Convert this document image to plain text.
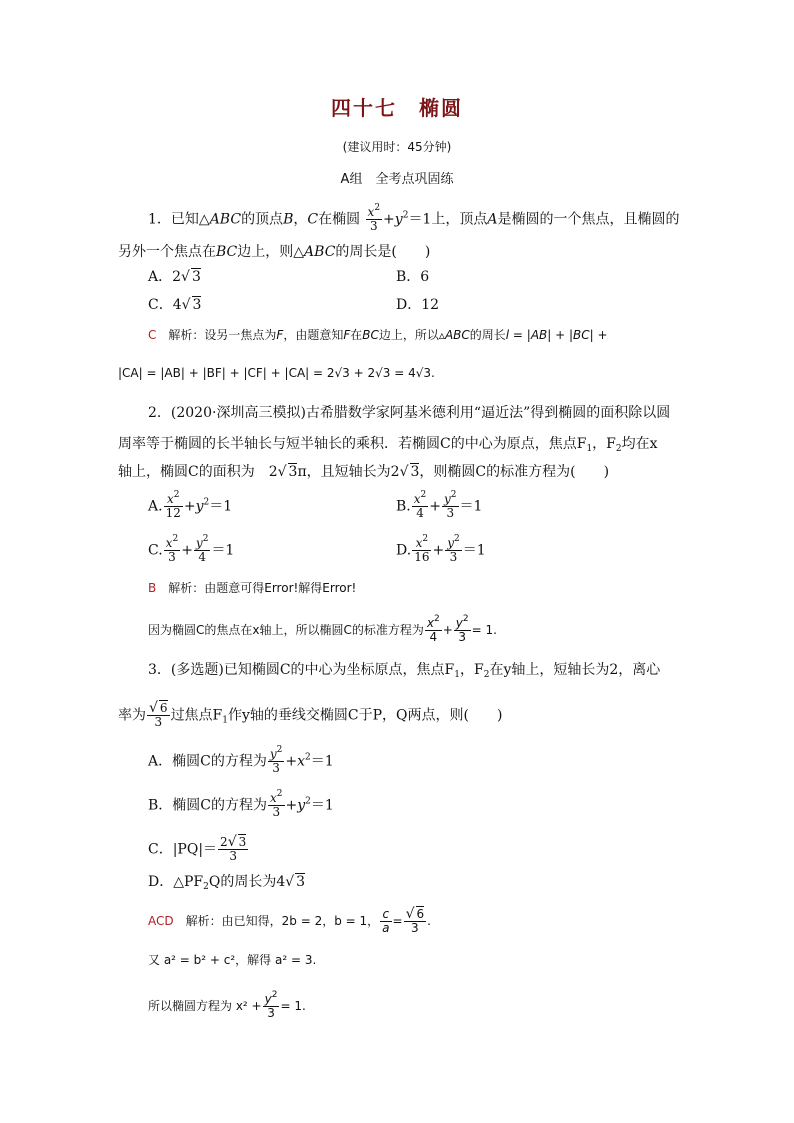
四十七　椭圆
(建议用时：45分钟)
A组　全考点巩固练
1．已知△ABC的顶点B，C在椭圆 $\frac{x^2}{3} +y^2=1$上，顶点A是椭圆的一个焦点，且椭圆的
另外一个焦点在BC边上，则△ABC的周长是(　　)
A．2√ 3	B．6
C．4√ 3	D．12
C　 解析：设另一焦点为F，由题意知F在BC边上，所以▵ABC的周长l = |AB| + |BC| +
|CA| = |AB| + |BF| + |CF| + |CA| = 2√3 + 2√3 = 4√3.
2．(2020·深圳高三模拟)古希腊数学家阿基米德利用“逼近法”得到椭圆的面积除以圆
周率等于椭圆的长半轴长与短半轴长的乘积．若椭圆C的中心为原点，焦点$F_1$，$F_2$均在x
轴上，椭圆C的面积为　2√ 3π，且短轴长为2√ 3，则椭圆C的标准方程为(　　)
A. $\frac{x^2}{12} +y^2=1$	B. $\frac{x^2}{4} + \frac{y^2}{3} =1$
C. $\frac{x^2}{3} + \frac{y^2}{4} =1$	D. $\frac{x^2}{16} + \frac{y^2}{3} =1$
B　 解析：由题意可得Error!解得Error!
因为椭圆C的焦点在x轴上，所以椭圆C的标准方程为 $\frac{x^2}{4} + \frac{y^2}{3} = 1$.
3．(多选题)已知椭圆C的中心为坐标原点，焦点$F_1$，$F_2$在y轴上，短轴长为2，离心
率为 $\frac{√ 6}{3}$ 过焦点$F_1$作y轴的垂线交椭圆C于P，Q两点，则(　　)
A．椭圆C的方程为 $\frac{y^2}{3} +x^2=1$
B．椭圆C的方程为 $\frac{x^2}{3} +y^2=1$
C．$|PQ|= \frac{2√ 3}{3}$
D．$\triangle PF_2Q$的周长为4√ 3
ACD　 解析：由已知得，2b = 2，b = 1， $\frac{c}{a} = \frac{√ 6}{3}$ .
又 a² = b² + c²，解得 a² = 3.
所以椭圆方程为 $x^2 + \frac{y^2}{3} = 1$.
